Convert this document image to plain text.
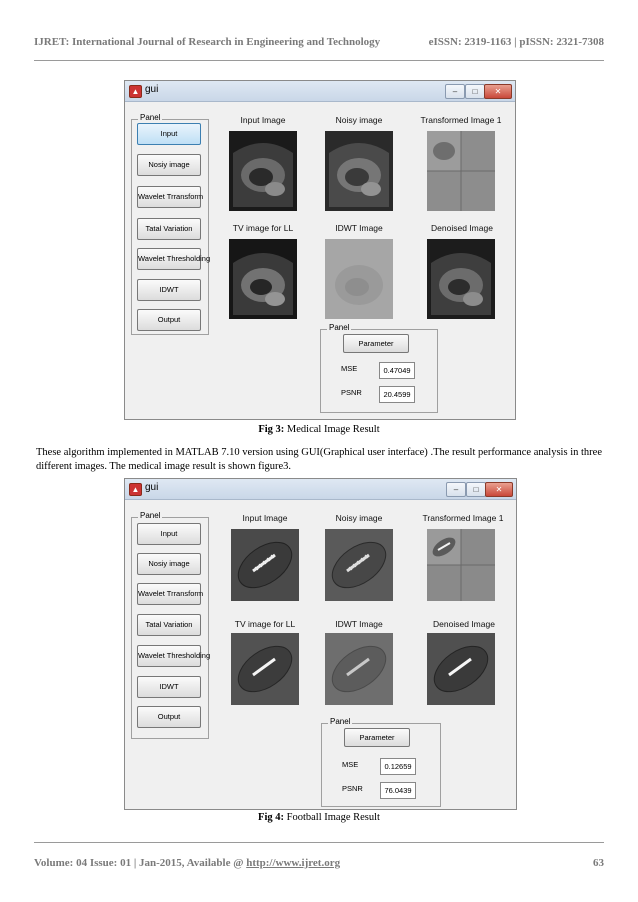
IJRET: International Journal of Research in Engineering and Technology	eISSN: 2319-1163 | pISSN: 2321-7308
▲ gui	–	□	✕
Panel
Input
Nosiy image
Wavelet Trransform
Tatal Variation
Wavelet Thresholding
IDWT
Output
Input Image	Noisy image	Transformed Image 1
TV image for LL	IDWT Image	Denoised Image
Panel
Parameter
MSE	0.47049
PSNR	20.4599
Fig 3: Medical Image Result
These algorithm implemented in MATLAB 7.10 version using GUI(Graphical user interface) .The result performance analysis in three different images. The medical image result is shown figure3.
▲ gui	–	□	✕
Panel
Input
Nosiy image
Wavelet Trransform
Tatal Variation
Wavelet Thresholding
IDWT
Output
Input Image	Noisy image	Transformed Image 1
TV image for LL	IDWT Image	Denoised Image
Panel
Parameter
MSE	0.12659
PSNR	76.0439
Fig 4: Football Image Result
Volume: 04 Issue: 01 | Jan-2015, Available @ http://www.ijret.org	63
